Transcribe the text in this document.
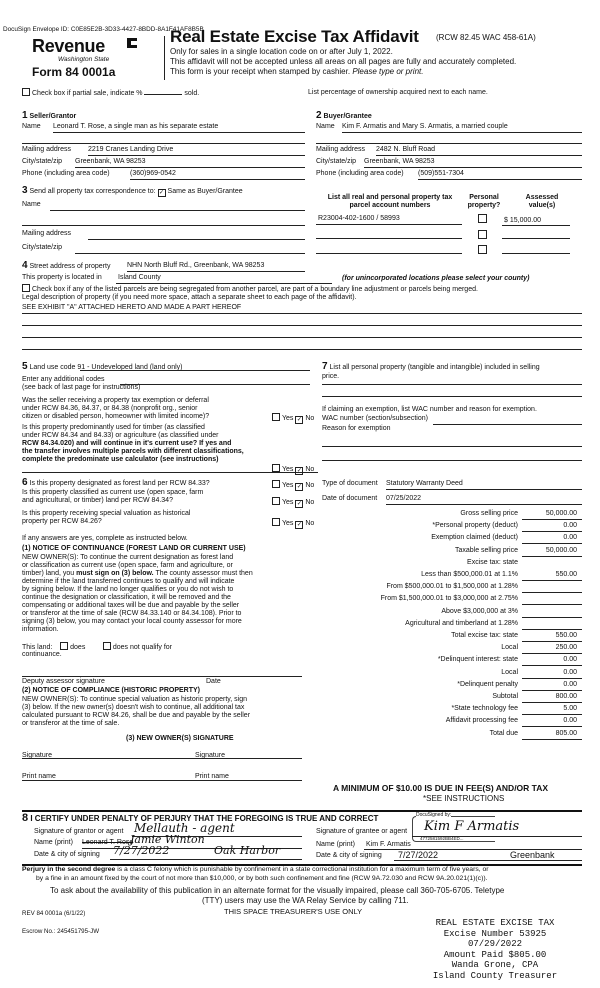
DocuSign Envelope ID: C0E85E2B-3D33-4427-8BDD-8A1F41AF8B5B
Revenue
Washington State
Form 84 0001a
Real Estate Excise Tax Affidavit (RCW 82.45 WAC 458-61A)
Only for sales in a single location code on or after July 1, 2022.
This affidavit will not be accepted unless all areas on all pages are fully and accurately completed.
This form is your receipt when stamped by cashier. Please type or print.
Check box if partial sale, indicate %	sold.	List percentage of ownership acquired next to each name.
1 Seller/Grantor
Name Leonard T. Rose, a single man as his separate estate
Mailing address 2219 Cranes Landing Drive
City/state/zip Greenbank, WA 98253
Phone (including area code)	(360)969-0542
2 Buyer/Grantee
Name Kim F. Armatis and Mary S. Armatis, a married couple
Mailing address 2482 N. Bluff Road
City/state/zip Greenbank, WA 98253
Phone (including area code) (509)551-7304
3 Send all property tax correspondence to: ✓ Same as Buyer/Grantee
Name
Mailing address
City/state/zip
List all real and personal property tax
parcel account numbers
Personal
property?
Assessed
value(s)
R23004-402-1600 / 58993	$ 15,000.00
4 Street address of property NHN North Bluff Rd., Greenbank, WA 98253
This property is located in Island County	(for unincorporated locations please select your county)
Check box if any of the listed parcels are being segregated from another parcel, are part of a boundary line adjustment or parcels being merged.
Legal description of property (if you need more space, attach a separate sheet to each page of the affidavit).
SEE EXHIBIT "A" ATTACHED HERETO AND MADE A PART HEREOF
5 Land use code 91 - Undeveloped land (land only)
Enter any additional codes
(see back of last page for instructions)
Was the seller receiving a property tax exemption or deferral
under RCW 84.36, 84.37, or 84.38 (nonprofit org., senior
citizen or disabled person, homeowner with limited income)?	Yes ✓ No
Is this property predominantly used for timber (as classified
under RCW 84.34 and 84.33) or agriculture (as classified under
RCW 84.34.020) and will continue in it's current use? If yes and
the transfer involves multiple parcels with different classifications,
complete the predominate use calculator (see instructions)
Yes ✓ No
7 List all personal property (tangible and intangible) included in selling
price.
If claiming an exemption, list WAC number and reason for exemption.
WAC number (section/subsection)
Reason for exemption
6 Is this property designated as forest land per RCW 84.33?	Yes ✓ No
Is this property classified as current use (open space, farm
and agricultural, or timber) land per RCW 84.34?	Yes ✓ No
Is this property receiving special valuation as historical
property per RCW 84.26?	Yes ✓ No
If any answers are yes, complete as instructed below.
(1) NOTICE OF CONTINUANCE (FOREST LAND OR CURRENT USE)
NEW OWNER(S): To continue the current designation as forest land
or classification as current use (open space, farm and agriculture, or
timber) land, you must sign on (3) below. The county assessor must then
determine if the land transferred continues to qualify and will indicate
by signing below. If the land no longer qualifies or you do not wish to
continue the designation or classification, it will be removed and the
compensating or additional taxes will be due and payable by the seller
or transferor at the time of sale (RCW 84.33.140 or 84.34.108). Prior to
signing (3) below, you may contact your local county assessor for more
information.
This land:	does	does not qualify for
continuance.
Deputy assessor signature	Date
(2) NOTICE OF COMPLIANCE (HISTORIC PROPERTY)
NEW OWNER(S): To continue special valuation as historic property, sign
(3) below. If the new owner(s) doesn't wish to continue, all additional tax
calculated pursuant to RCW 84.26, shall be due and payable by the seller
or transferor at the time of sale.
(3) NEW OWNER(S) SIGNATURE
Signature	Signature
Print name	Print name
Type of document Statutory Warranty Deed
Date of document 07/25/2022
Gross selling price	50,000.00
*Personal property (deduct)	0.00
Exemption claimed (deduct)	0.00
Taxable selling price	50,000.00
Excise tax: state
Less than $500,000.01 at 1.1%	550.00
From $500,000.01 to $1,500,000 at 1.28%
From $1,500,000.01 to $3,000,000 at 2.75%
Above $3,000,000 at 3%
Agricultural and timberland at 1.28%
Total excise tax: state	550.00
Local	250.00
*Delinquent interest: state	0.00
Local	0.00
*Delinquent penalty	0.00
Subtotal	800.00
*State technology fee	5.00
Affidavit processing fee	0.00
Total due	805.00
A MINIMUM OF $10.00 IS DUE IN FEE(S) AND/OR TAX
*SEE INSTRUCTIONS
8 I CERTIFY UNDER PENALTY OF PERJURY THAT THE FOREGOING IS TRUE AND CORRECT
Signature of grantor or agent Mellauth - agent
Name (print) Leonard T. Rose
Jamie Winton
Date & city of signing 7/27/2022	Oak Harbor
Signature of grantee or agent
DocuSigned by:
Kim F Armatis
4772581592BB4ED...
Name (print) Kim F. Armatis
Date & city of signing 7/27/2022	Greenbank
Perjury in the second degree is a class C felony which is punishable by confinement in a state correctional institution for a maximum term of five years, or
by a fine in an amount fixed by the court of not more than $10,000, or by both such confinement and fine (RCW 9A.72.030 and RCW 9A.20.021(1)(c)).
To ask about the availability of this publication in an alternate format for the visually impaired, please call 360-705-6705. Teletype
(TTY) users may use the WA Relay Service by calling 711.
REV 84 0001a (6/1/22)	THIS SPACE TREASURER'S USE ONLY
Escrow No.: 245451795-JW
REAL ESTATE EXCISE TAX
Excise Number 53925
07/29/2022
Amount Paid $805.00
Wanda Grone, CPA
Island County Treasurer
